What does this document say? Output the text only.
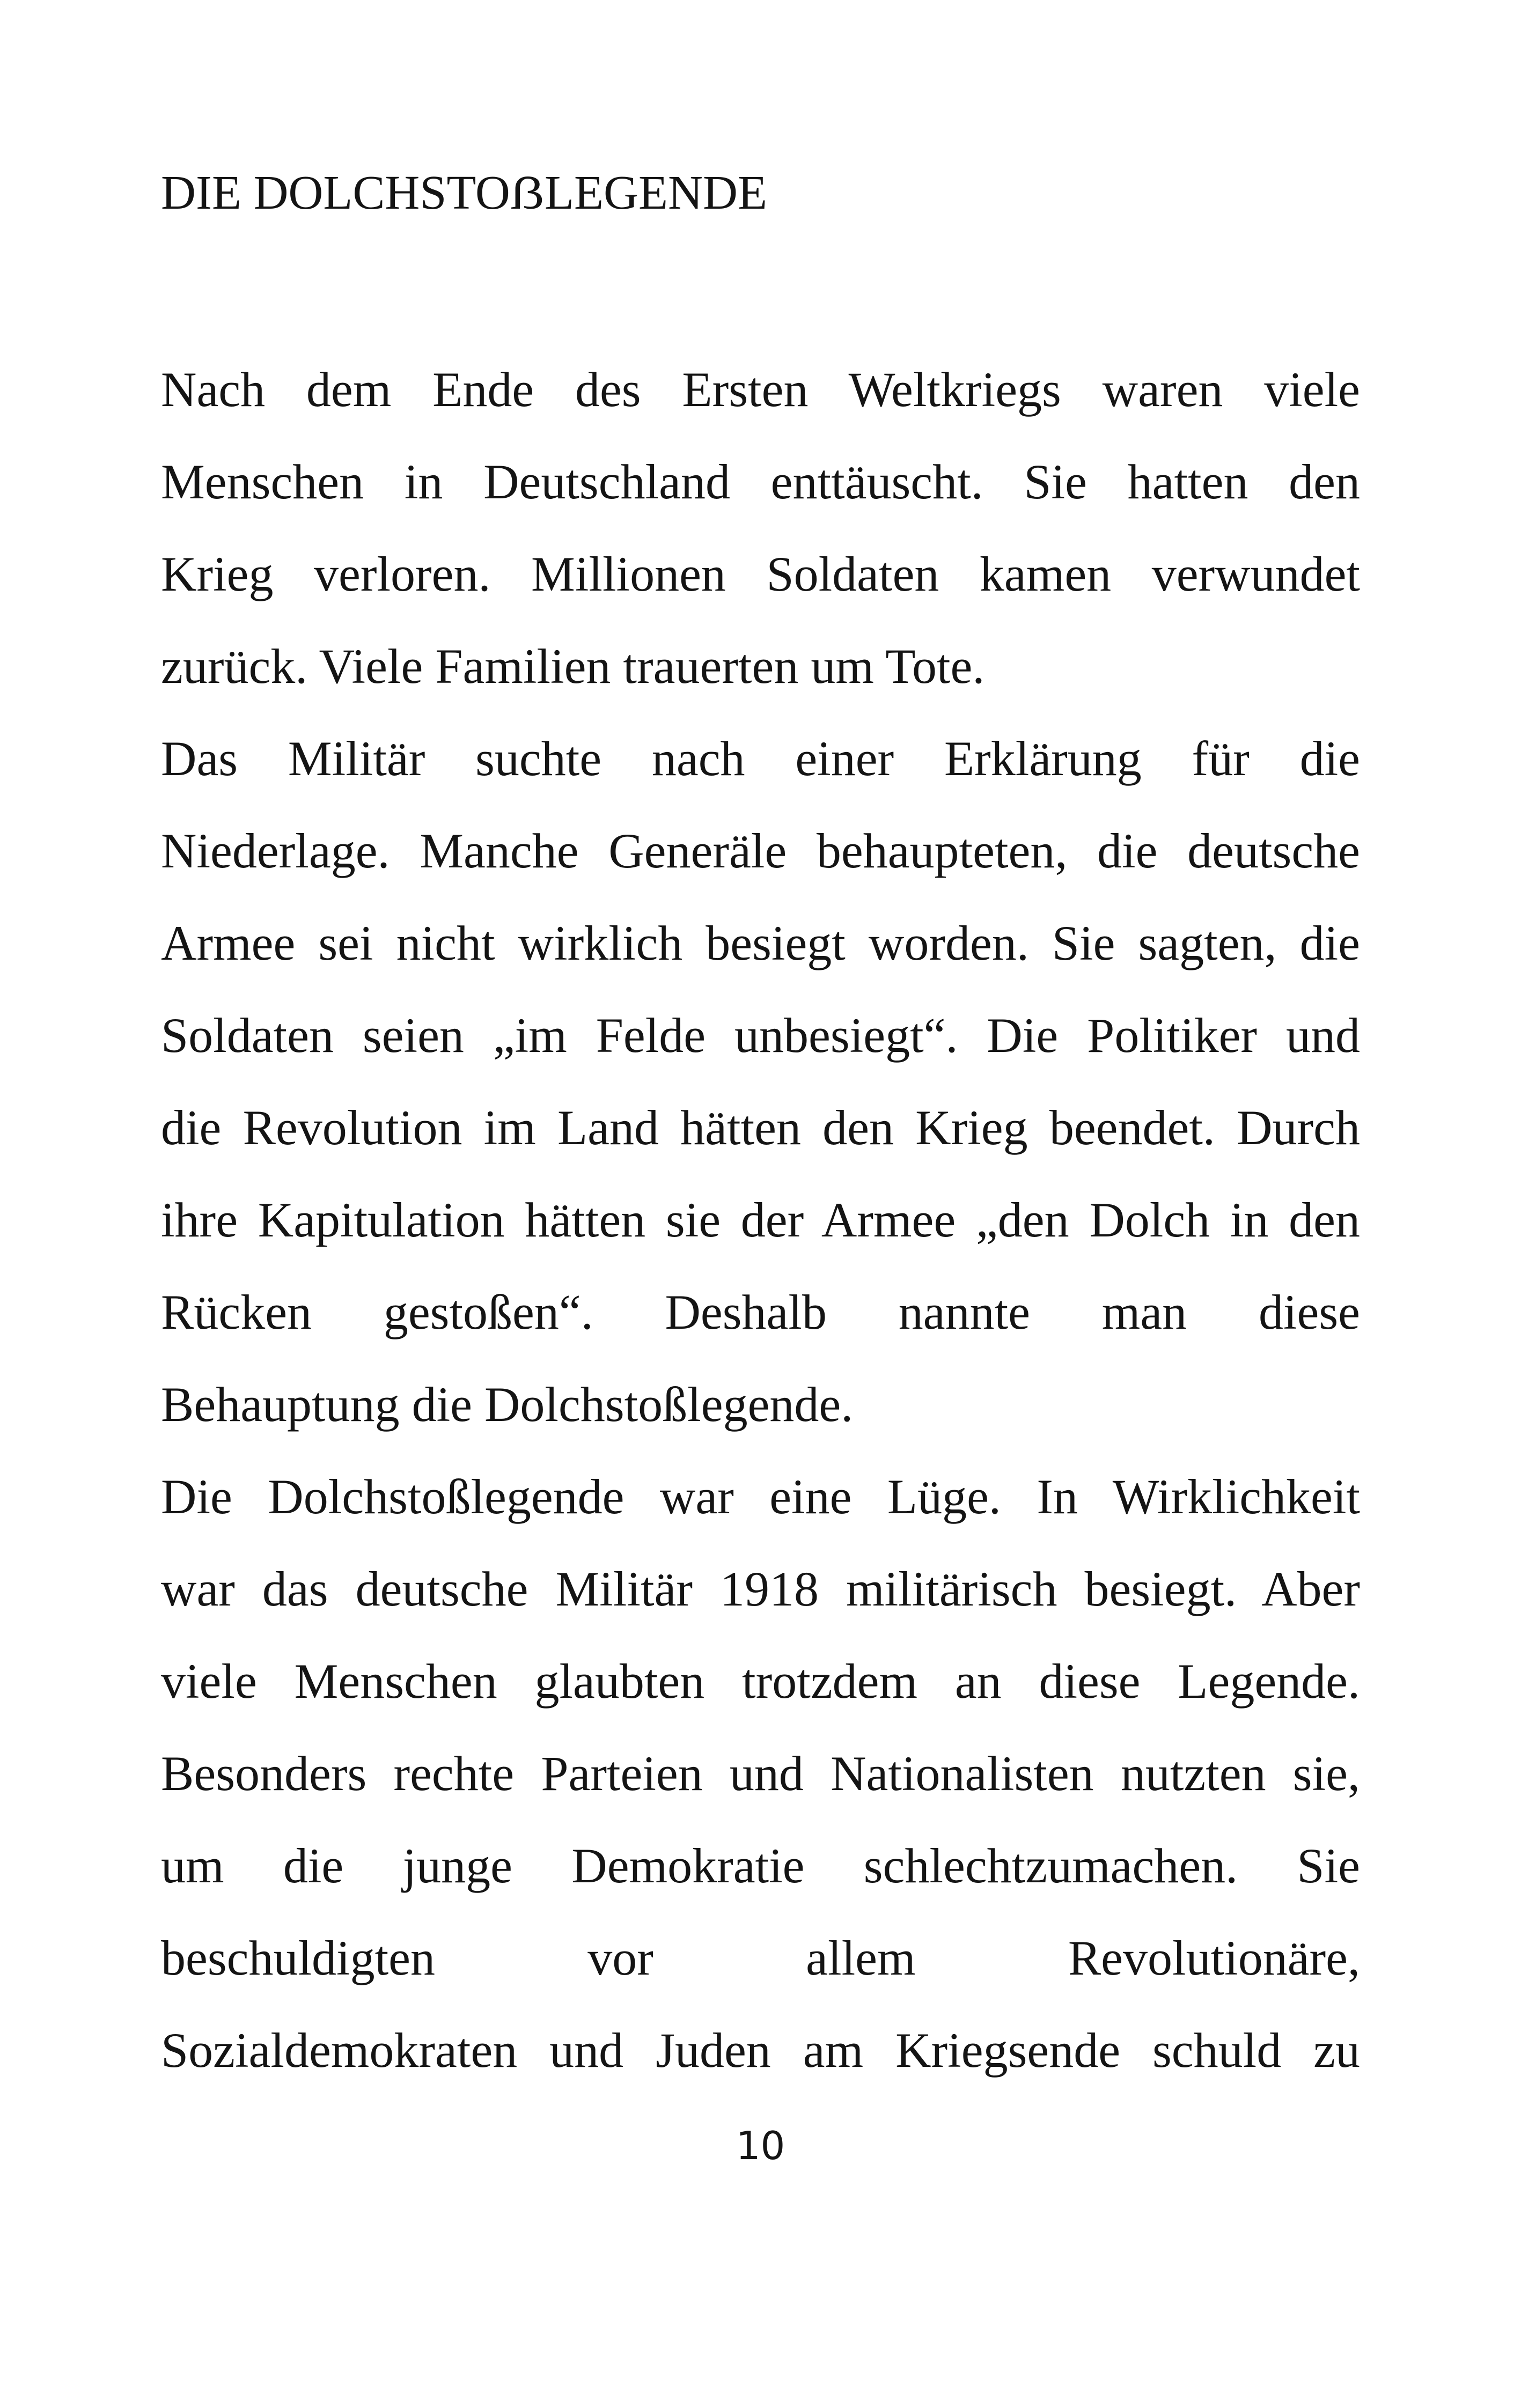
DIE DOLCHSTOẞLEGENDE

Nach dem Ende des Ersten Weltkriegs waren viele
Menschen in Deutschland enttäuscht. Sie hatten den
Krieg verloren. Millionen Soldaten kamen verwundet
zurück. Viele Familien trauerten um Tote.

Das Militär suchte nach einer Erklärung für die
Niederlage. Manche Generäle behaupteten, die deutsche
Armee sei nicht wirklich besiegt worden. Sie sagten, die
Soldaten seien „im Felde unbesiegt“. Die Politiker und
die Revolution im Land hätten den Krieg beendet. Durch
ihre Kapitulation hätten sie der Armee „den Dolch in den
Rücken gestoßen“. Deshalb nannte man diese
Behauptung die Dolchstoßlegende.

Die Dolchstoßlegende war eine Lüge. In Wirklichkeit
war das deutsche Militär 1918 militärisch besiegt. Aber
viele Menschen glaubten trotzdem an diese Legende.
Besonders rechte Parteien und Nationalisten nutzten sie,
um die junge Demokratie schlechtzumachen. Sie
beschuldigten vor allem Revolutionäre,
Sozialdemokraten und Juden am Kriegsende schuld zu

10
